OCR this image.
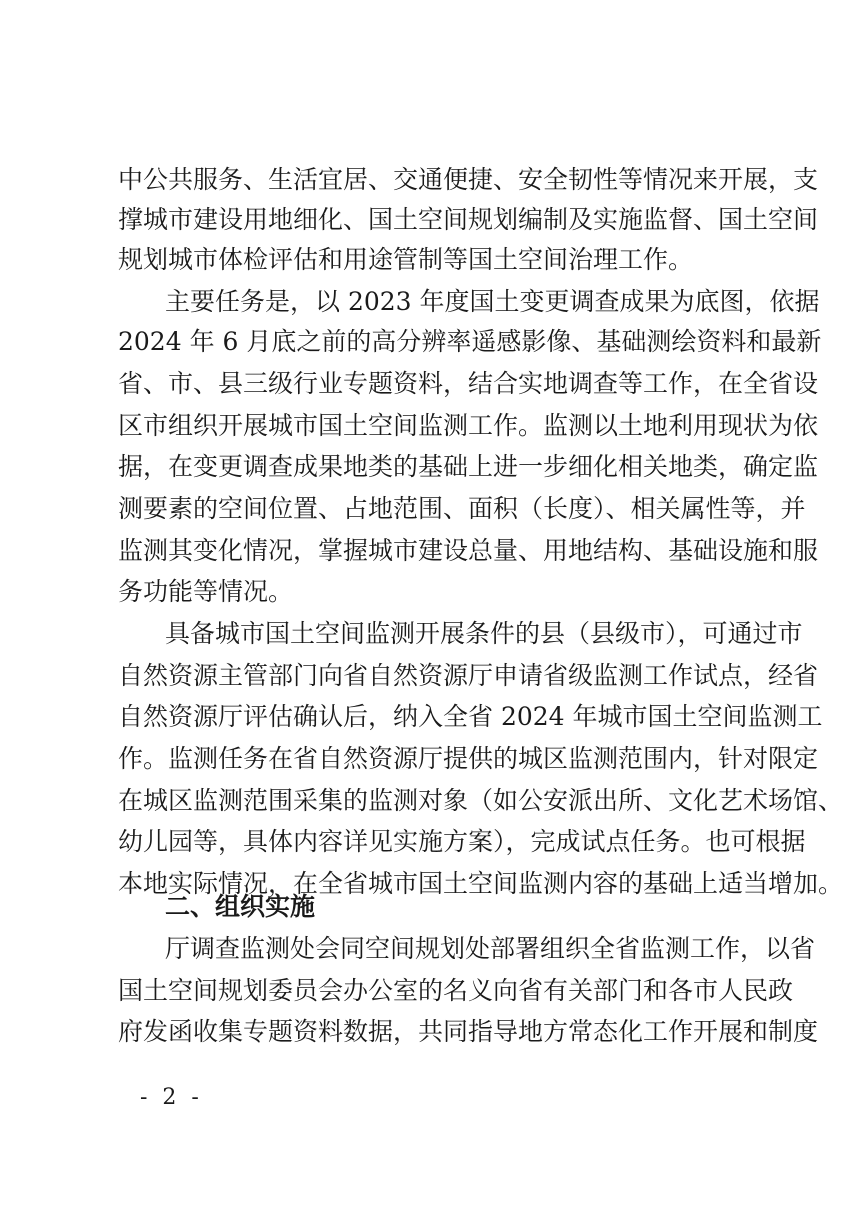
中公共服务、生活宜居、交通便捷、安全韧性等情况来开展，支
撑城市建设用地细化、国土空间规划编制及实施监督、国土空间
规划城市体检评估和用途管制等国土空间治理工作。
主要任务是，以 2023 年度国土变更调查成果为底图，依据
2024 年 6 月底之前的高分辨率遥感影像、基础测绘资料和最新
省、市、县三级行业专题资料，结合实地调查等工作，在全省设
区市组织开展城市国土空间监测工作。监测以土地利用现状为依
据，在变更调查成果地类的基础上进一步细化相关地类，确定监
测要素的空间位置、占地范围、面积（长度）、相关属性等，并
监测其变化情况，掌握城市建设总量、用地结构、基础设施和服
务功能等情况。
具备城市国土空间监测开展条件的县（县级市），可通过市
自然资源主管部门向省自然资源厅申请省级监测工作试点，经省
自然资源厅评估确认后，纳入全省 2024 年城市国土空间监测工
作。监测任务在省自然资源厅提供的城区监测范围内，针对限定
在城区监测范围采集的监测对象（如公安派出所、文化艺术场馆、
幼儿园等，具体内容详见实施方案），完成试点任务。也可根据
本地实际情况，在全省城市国土空间监测内容的基础上适当增加。
二、组织实施
厅调查监测处会同空间规划处部署组织全省监测工作，以省
国土空间规划委员会办公室的名义向省有关部门和各市人民政
府发函收集专题资料数据，共同指导地方常态化工作开展和制度
- 2 -
